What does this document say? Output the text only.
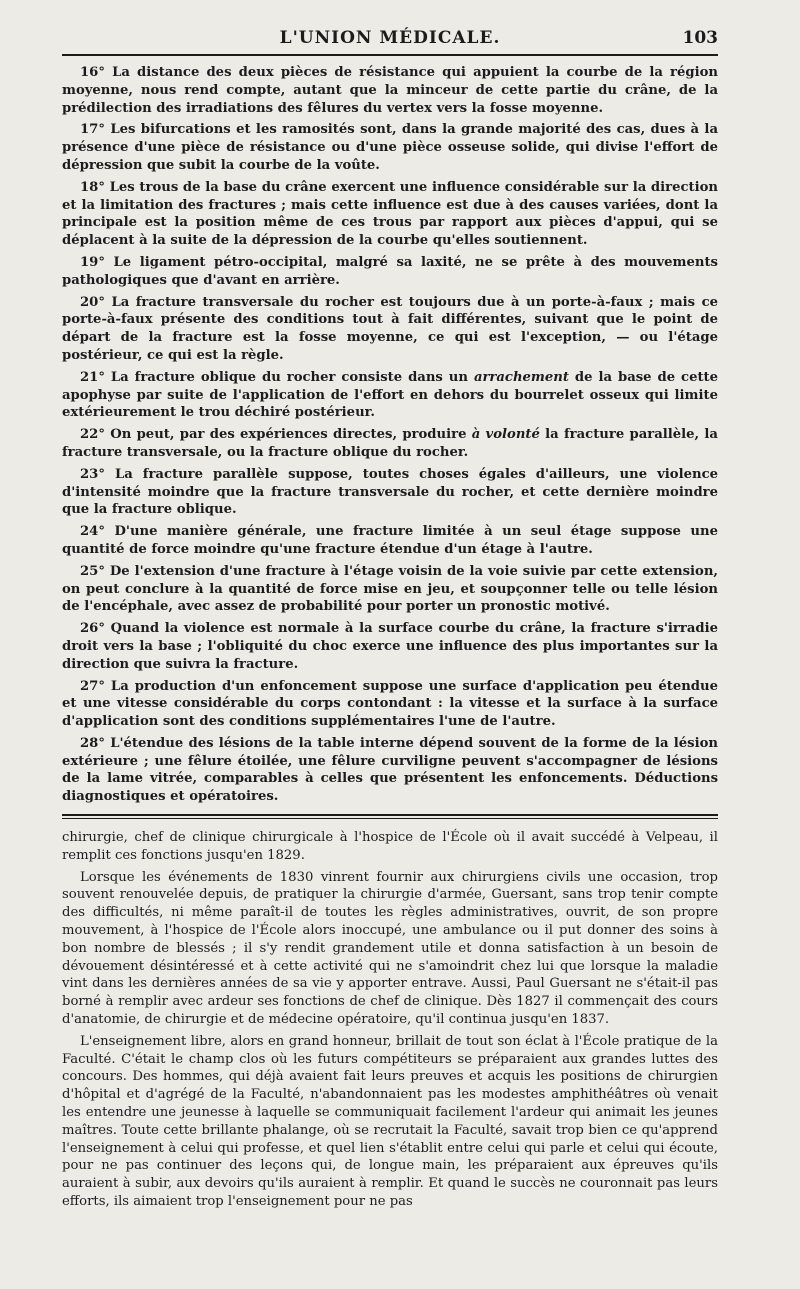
L'UNION MÉDICALE.	103

16° La distance des deux pièces de résistance qui appuient la courbe de la région moyenne, nous rend compte, autant que la minceur de cette partie du crâne, de la prédilection des irradiations des fêlures du vertex vers la fosse moyenne.

17° Les bifurcations et les ramosités sont, dans la grande majorité des cas, dues à la présence d'une pièce de résistance ou d'une pièce osseuse solide, qui divise l'effort de dépression que subit la courbe de la voûte.

18° Les trous de la base du crâne exercent une influence considérable sur la direction et la limitation des fractures ; mais cette influence est due à des causes variées, dont la principale est la position même de ces trous par rapport aux pièces d'appui, qui se déplacent à la suite de la dépression de la courbe qu'elles soutiennent.

19° Le ligament pétro-occipital, malgré sa laxité, ne se prête à des mouvements pathologiques que d'avant en arrière.

20° La fracture transversale du rocher est toujours due à un porte-à-faux ; mais ce porte-à-faux présente des conditions tout à fait différentes, suivant que le point de départ de la fracture est la fosse moyenne, ce qui est l'exception, — ou l'étage postérieur, ce qui est la règle.

21° La fracture oblique du rocher consiste dans un arrachement de la base de cette apophyse par suite de l'application de l'effort en dehors du bourrelet osseux qui limite extérieurement le trou déchiré postérieur.

22° On peut, par des expériences directes, produire à volonté la fracture parallèle, la fracture transversale, ou la fracture oblique du rocher.

23° La fracture parallèle suppose, toutes choses égales d'ailleurs, une violence d'intensité moindre que la fracture transversale du rocher, et cette dernière moindre que la fracture oblique.

24° D'une manière générale, une fracture limitée à un seul étage suppose une quantité de force moindre qu'une fracture étendue d'un étage à l'autre.

25° De l'extension d'une fracture à l'étage voisin de la voie suivie par cette extension, on peut conclure à la quantité de force mise en jeu, et soupçonner telle ou telle lésion de l'encéphale, avec assez de probabilité pour porter un pronostic motivé.

26° Quand la violence est normale à la surface courbe du crâne, la fracture s'irradie droit vers la base ; l'obliquité du choc exerce une influence des plus importantes sur la direction que suivra la fracture.

27° La production d'un enfoncement suppose une surface d'application peu étendue et une vitesse considérable du corps contondant : la vitesse et la surface à la surface d'application sont des conditions supplémentaires l'une de l'autre.

28° L'étendue des lésions de la table interne dépend souvent de la forme de la lésion extérieure ; une fêlure étoilée, une fêlure curviligne peuvent s'accompagner de lésions de la lame vitrée, comparables à celles que présentent les enfoncements. Déductions diagnostiques et opératoires.

chirurgie, chef de clinique chirurgicale à l'hospice de l'École où il avait succédé à Velpeau, il remplit ces fonctions jusqu'en 1829.

Lorsque les événements de 1830 vinrent fournir aux chirurgiens civils une occasion, trop souvent renouvelée depuis, de pratiquer la chirurgie d'armée, Guersant, sans trop tenir compte des difficultés, ni même paraît-il de toutes les règles administratives, ouvrit, de son propre mouvement, à l'hospice de l'École alors inoccupé, une ambulance ou il put donner des soins à bon nombre de blessés ; il s'y rendit grandement utile et donna satisfaction à un besoin de dévouement désintéressé et à cette activité qui ne s'amoindrit chez lui que lorsque la maladie vint dans les dernières années de sa vie y apporter entrave. Aussi, Paul Guersant ne s'était-il pas borné à remplir avec ardeur ses fonctions de chef de clinique. Dès 1827 il commençait des cours d'anatomie, de chirurgie et de médecine opératoire, qu'il continua jusqu'en 1837.

L'enseignement libre, alors en grand honneur, brillait de tout son éclat à l'École pratique de la Faculté. C'était le champ clos où les futurs compétiteurs se préparaient aux grandes luttes des concours. Des hommes, qui déjà avaient fait leurs preuves et acquis les positions de chirurgien d'hôpital et d'agrégé de la Faculté, n'abandonnaient pas les modestes amphithéâtres où venait les entendre une jeunesse à laquelle se communiquait facilement l'ardeur qui animait les jeunes maîtres. Toute cette brillante phalange, où se recrutait la Faculté, savait trop bien ce qu'apprend l'enseignement à celui qui professe, et quel lien s'établit entre celui qui parle et celui qui écoute, pour ne pas continuer des leçons qui, de longue main, les préparaient aux épreuves qu'ils auraient à subir, aux devoirs qu'ils auraient à remplir. Et quand le succès ne couronnait pas leurs efforts, ils aimaient trop l'enseignement pour ne pas
